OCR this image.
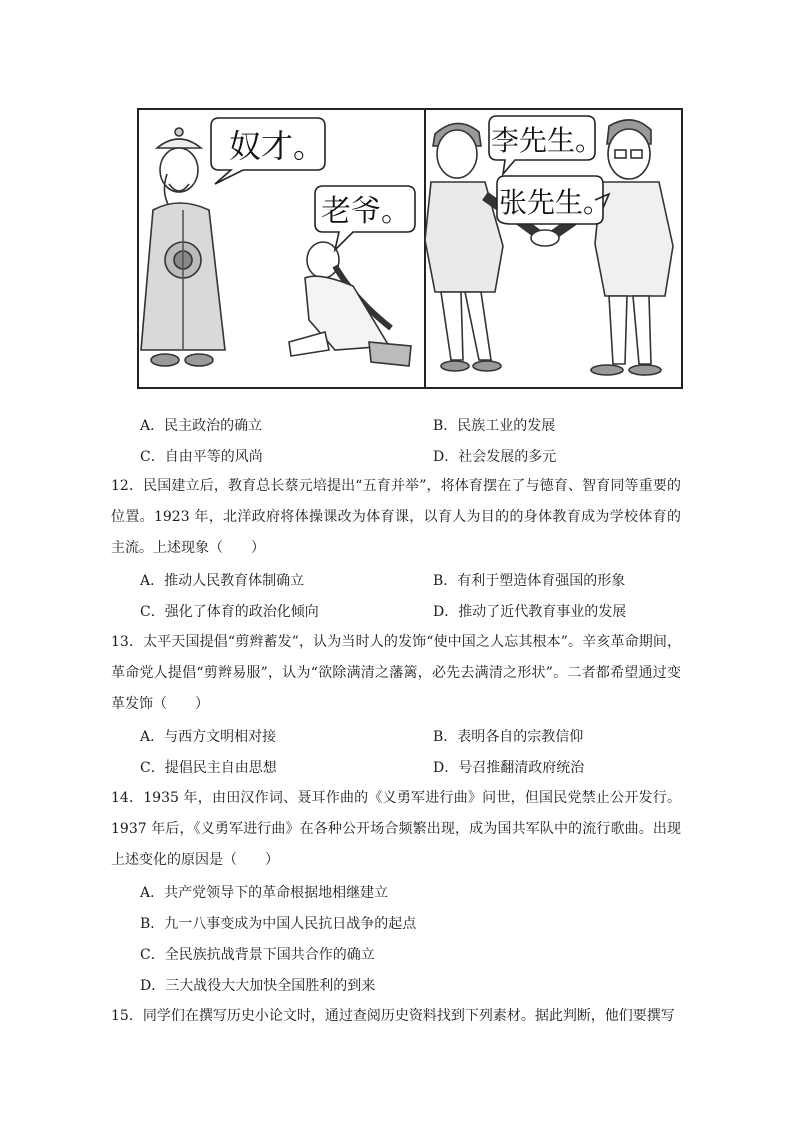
奴才。
老爷。
李先生。
张先生。
A．民主政治的确立	B．民族工业的发展
C．自由平等的风尚	D．社会发展的多元
12．民国建立后，教育总长蔡元培提出“五育并举”，将体育摆在了与德育、智育同等重要的位置。1923 年，北洋政府将体操课改为体育课，以育人为目的的身体教育成为学校体育的主流。上述现象（　　）
A．推动人民教育体制确立	B．有利于塑造体育强国的形象
C．强化了体育的政治化倾向	D．推动了近代教育事业的发展
13．太平天国提倡“剪辫蓄发”，认为当时人的发饰“使中国之人忘其根本”。辛亥革命期间，革命党人提倡“剪辫易服”，认为“欲除满清之藩篱，必先去满清之形状”。二者都希望通过变革发饰（　　）
A．与西方文明相对接	B．表明各自的宗教信仰
C．提倡民主自由思想	D．号召推翻清政府统治
14．1935 年，由田汉作词、聂耳作曲的《义勇军进行曲》问世，但国民党禁止公开发行。1937 年后，《义勇军进行曲》在各种公开场合频繁出现，成为国共军队中的流行歌曲。出现上述变化的原因是（　　）
A．共产党领导下的革命根据地相继建立
B．九一八事变成为中国人民抗日战争的起点
C．全民族抗战背景下国共合作的确立
D．三大战役大大加快全国胜利的到来
15．同学们在撰写历史小论文时，通过查阅历史资料找到下列素材。据此判断，他们要撰写
